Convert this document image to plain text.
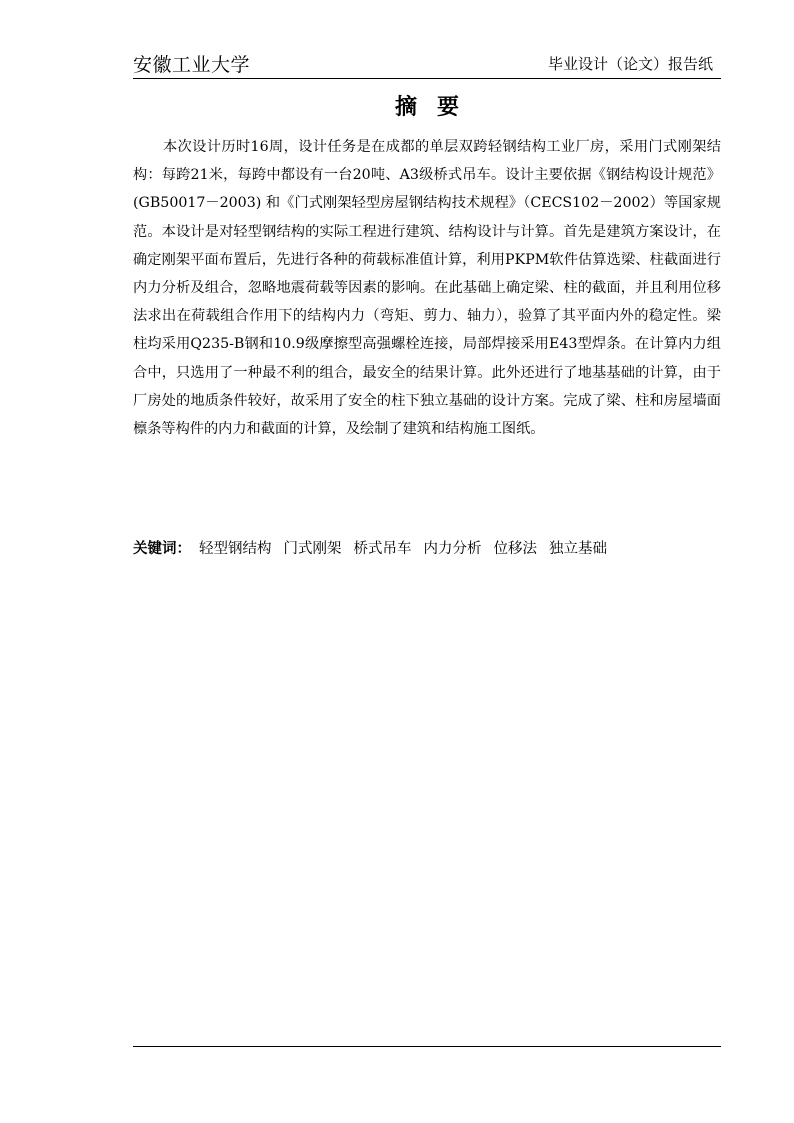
安徽工业大学	毕业设计（论文）报告纸
摘要

本次设计历时16周，设计任务是在成都的单层双跨轻钢结构工业厂房，采用门式刚架结构：每跨21米，每跨中都设有一台20吨、A3级桥式吊车。设计主要依据《钢结构设计规范》(GB50017－2003) 和《门式刚架轻型房屋钢结构技术规程》（CECS102－2002）等国家规范。本设计是对轻型钢结构的实际工程进行建筑、结构设计与计算。首先是建筑方案设计，在确定刚架平面布置后，先进行各种的荷载标准值计算，利用PKPM软件估算选梁、柱截面进行内力分析及组合，忽略地震荷载等因素的影响。在此基础上确定梁、柱的截面，并且利用位移法求出在荷载组合作用下的结构内力（弯矩、剪力、轴力），验算了其平面内外的稳定性。梁柱均采用Q235-B钢和10.9级摩擦型高强螺栓连接，局部焊接采用E43型焊条。在计算内力组合中，只选用了一种最不利的组合，最安全的结果计算。此外还进行了地基基础的计算，由于厂房处的地质条件较好，故采用了安全的柱下独立基础的设计方案。完成了梁、柱和房屋墙面檩条等构件的内力和截面的计算，及绘制了建筑和结构施工图纸。

关键词： 轻型钢结构 门式刚架 桥式吊车 内力分析 位移法 独立基础
